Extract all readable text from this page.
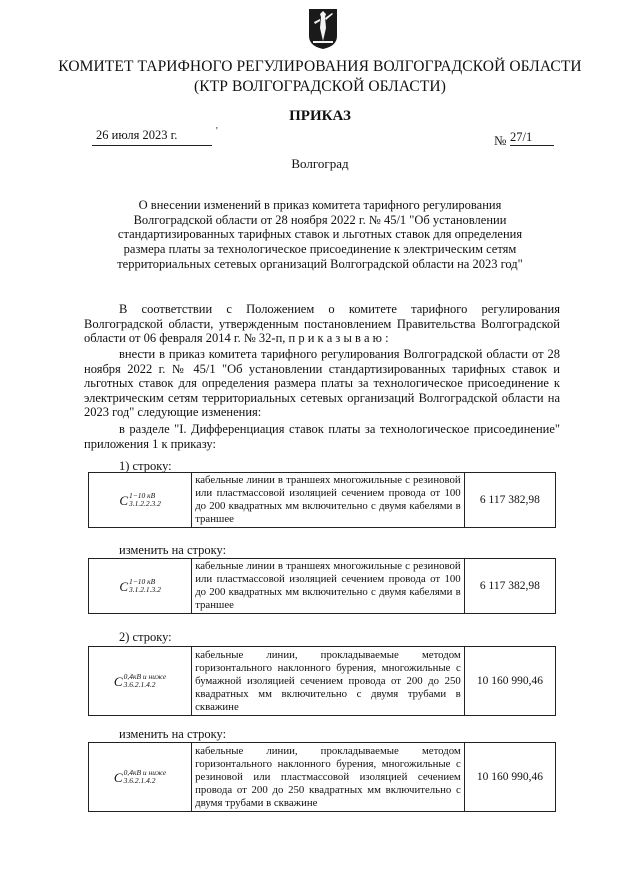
КОМИТЕТ ТАРИФНОГО РЕГУЛИРОВАНИЯ ВОЛГОГРАДСКОЙ ОБЛАСТИ
(КТР ВОЛГОГРАДСКОЙ ОБЛАСТИ)
ПРИКАЗ
26 июля 2023 г.	'
№ 27/1
Волгоград
О внесении изменений в приказ комитета тарифного регулирования Волгоградской области от 28 ноября 2022 г. № 45/1 "Об установлении стандартизированных тарифных ставок и льготных ставок для определения размера платы за технологическое присоединение к электрическим сетям территориальных сетевых организаций Волгоградской области на 2023 год"
В соответствии с Положением о комитете тарифного регулирования Волгоградской области, утвержденным постановлением Правительства Волгоградской области от 06 февраля 2014 г. № 32-п, п р и к а з ы в а ю :
внести в приказ комитета тарифного регулирования Волгоградской области от 28 ноября 2022 г. № 45/1 "Об установлении стандартизированных тарифных ставок и льготных ставок для определения размера платы за технологическое присоединение к электрическим сетям территориальных сетевых организаций Волгоградской области на 2023 год" следующие изменения:
в разделе "I. Дифференциация ставок платы за технологическое присоединение" приложения 1 к приказу:
1) строку:
C 1−10 кВ
3.1.2.2.3.2
	кабельные линии в траншеях многожильные с резиновой или пластмассовой изоляцией сечением провода от 100 до 200 квадратных мм включительно с двумя кабелями в траншее	6 117 382,98
изменить на строку:
C 1−10 кВ
3.1.2.1.3.2
	кабельные линии в траншеях многожильные с резиновой или пластмассовой изоляцией сечением провода от 100 до 200 квадратных мм включительно с двумя кабелями в траншее	6 117 382,98
2) строку:
C 0,4кВ и ниже
3.6.2.1.4.2
	кабельные линии, прокладываемые методом горизонтального наклонного бурения, многожильные с бумажной изоляцией сечением провода от 200 до 250 квадратных мм включительно с двумя трубами в скважине	10 160 990,46
изменить на строку:
C 0,4кВ и ниже
3.6.2.1.4.2
	кабельные линии, прокладываемые методом горизонтального наклонного бурения, многожильные с резиновой или пластмассовой изоляцией сечением провода от 200 до 250 квадратных мм включительно с двумя трубами в скважине	10 160 990,46
